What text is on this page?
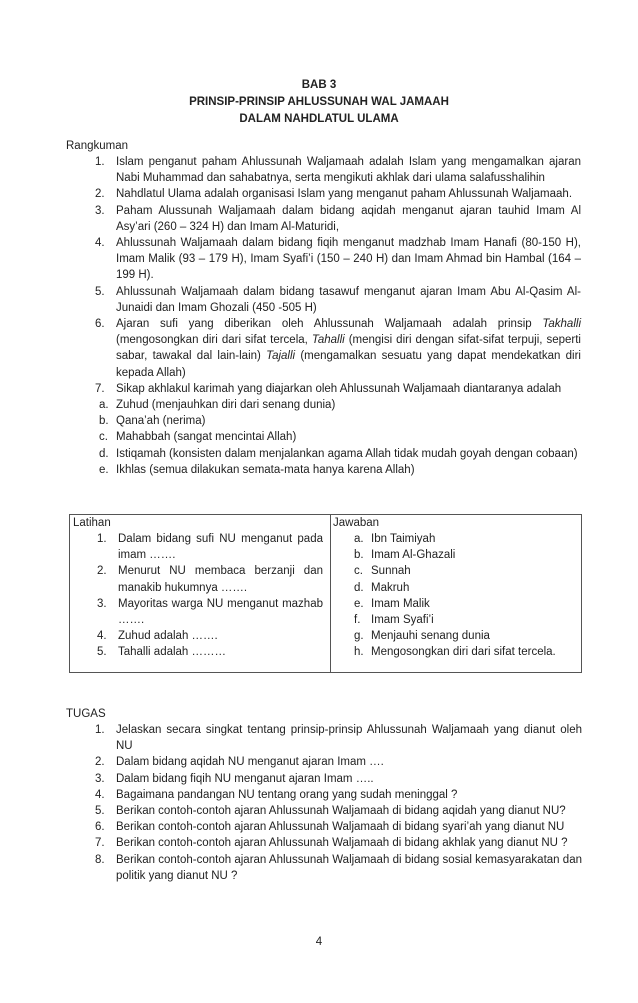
BAB 3
PRINSIP-PRINSIP AHLUSSUNAH WAL JAMAAH
DALAM NAHDLATUL ULAMA
Rangkuman
1. Islam penganut paham Ahlussunah Waljamaah adalah Islam yang mengamalkan ajaran Nabi Muhammad dan sahabatnya, serta mengikuti akhlak dari ulama salafusshalihin
2. Nahdlatul Ulama adalah organisasi Islam yang menganut paham Ahlussunah Waljamaah.
3. Paham Alussunah Waljamaah dalam bidang aqidah menganut ajaran tauhid Imam Al Asy’ari (260 – 324 H) dan Imam Al-Maturidi,
4. Ahlussunah Waljamaah dalam bidang fiqih menganut madzhab Imam Hanafi (80-150 H), Imam Malik (93 – 179 H), Imam Syafi’i (150 – 240 H) dan Imam Ahmad bin Hambal (164 – 199 H).
5. Ahlussunah Waljamaah dalam bidang tasawuf menganut ajaran Imam Abu Al-Qasim Al-Junaidi dan Imam Ghozali (450 -505 H)
6. Ajaran sufi yang diberikan oleh Ahlussunah Waljamaah adalah prinsip Takhalli (mengosongkan diri dari sifat tercela, Tahalli (mengisi diri dengan sifat-sifat terpuji, seperti sabar, tawakal dal lain-lain) Tajalli (mengamalkan sesuatu yang dapat mendekatkan diri kepada Allah)
7. Sikap akhlakul karimah yang diajarkan oleh Ahlussunah Waljamaah diantaranya adalah
a. Zuhud (menjauhkan diri dari senang dunia)
b. Qana’ah (nerima)
c. Mahabbah (sangat mencintai Allah)
d. Istiqamah (konsisten dalam menjalankan agama Allah tidak mudah goyah dengan cobaan)
e. Ikhlas (semua dilakukan semata-mata hanya karena Allah)
Latihan
1. Dalam bidang sufi NU menganut pada imam …….
2. Menurut NU membaca berzanji dan manakib hukumnya …….
3. Mayoritas warga NU menganut mazhab …….
4. Zuhud adalah …….
5. Tahalli adalah ………
Jawaban
a. Ibn Taimiyah
b. Imam Al-Ghazali
c. Sunnah
d. Makruh
e. Imam Malik
f. Imam Syafi’i
g. Menjauhi senang dunia
h. Mengosongkan diri dari sifat tercela.
TUGAS
1. Jelaskan secara singkat tentang prinsip-prinsip Ahlussunah Waljamaah yang dianut oleh NU
2. Dalam bidang aqidah NU menganut ajaran Imam ….
3. Dalam bidang fiqih NU menganut ajaran Imam …..
4. Bagaimana pandangan NU tentang orang yang sudah meninggal ?
5. Berikan contoh-contoh ajaran Ahlussunah Waljamaah di bidang aqidah yang dianut NU?
6. Berikan contoh-contoh ajaran Ahlussunah Waljamaah di bidang syari’ah yang dianut NU
7. Berikan contoh-contoh ajaran Ahlussunah Waljamaah di bidang akhlak yang dianut NU ?
8. Berikan contoh-contoh ajaran Ahlussunah Waljamaah di bidang sosial kemasyarakatan dan politik yang dianut NU ?
4
